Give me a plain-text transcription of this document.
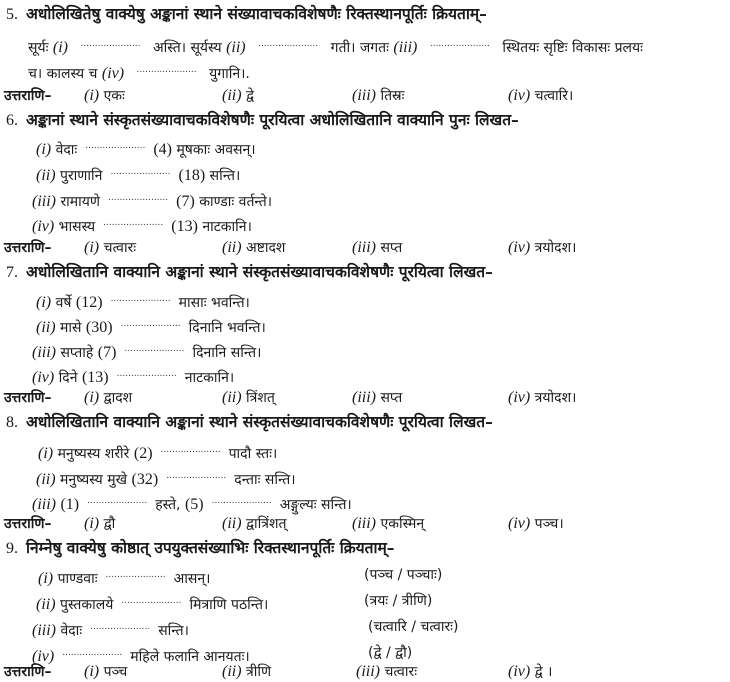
5. अधोलिखितेषु वाक्येषु अङ्कानां स्थाने संख्यावाचकविशेषणैः रिक्तस्थानपूर्तिः क्रियताम्–
सूर्यः (i) ..................... अस्ति। सूर्यस्य (ii) ..................... गती। जगतः (iii) ..................... स्थितयः सृष्टिः विकासः प्रलयः
च। कालस्य च (iv) ..................... युगानि।.
उत्तराणि– (i) एकः	(ii) द्वे	(iii) तिस्रः	(iv) चत्वारि।
6. अङ्कानां स्थाने संस्कृतसंख्यावाचकविशेषणैः पूरयित्वा अधोलिखितानि वाक्यानि पुनः लिखत–
(i) वेदाः ..................... (4) मूषकाः अवसन्।
(ii) पुराणानि ..................... (18) सन्ति।
(iii) रामायणे ..................... (7) काण्डाः वर्तन्ते।
(iv) भासस्य ..................... (13) नाटकानि।
उत्तराणि– (i) चत्वारः	(ii) अष्टादश	(iii) सप्त	(iv) त्रयोदश।
7. अधोलिखितानि वाक्यानि अङ्कानां स्थाने संस्कृतसंख्यावाचकविशेषणैः पूरयित्वा लिखत–
(i) वर्षे (12) ..................... मासाः भवन्ति।
(ii) मासे (30) ..................... दिनानि भवन्ति।
(iii) सप्ताहे (7) ..................... दिनानि सन्ति।
(iv) दिने (13) ..................... नाटकानि।
उत्तराणि– (i) द्वादश	(ii) त्रिंशत्	(iii) सप्त	(iv) त्रयोदश।
8. अधोलिखितानि वाक्यानि अङ्कानां स्थाने संस्कृतसंख्यावाचकविशेषणैः पूरयित्वा लिखत–
(i) मनुष्यस्य शरीरे (2) ..................... पादौ स्तः।
(ii) मनुष्यस्य मुखे (32) ..................... दन्ताः सन्ति।
(iii) (1) ..................... हस्ते, (5) ..................... अङ्गुल्यः सन्ति।
उत्तराणि– (i) द्वौ	(ii) द्वात्रिंशत्	(iii) एकस्मिन्	(iv) पञ्च।
9. निम्नेषु वाक्येषु कोष्ठात् उपयुक्तसंख्याभिः रिक्तस्थानपूर्तिः क्रियताम्–
(i) पाण्डवाः ..................... आसन्।	(पञ्च / पञ्चाः)
(ii) पुस्तकालये ..................... मित्राणि पठन्ति।	(त्रयः / त्रीणि)
(iii) वेदाः ..................... सन्ति।	(चत्वारि / चत्वारः)
(iv) ..................... महिले फलानि आनयतः।	(द्वे / द्वौ)
उत्तराणि– (i) पञ्च	(ii) त्रीणि	(iii) चत्वारः	(iv) द्वे ।
